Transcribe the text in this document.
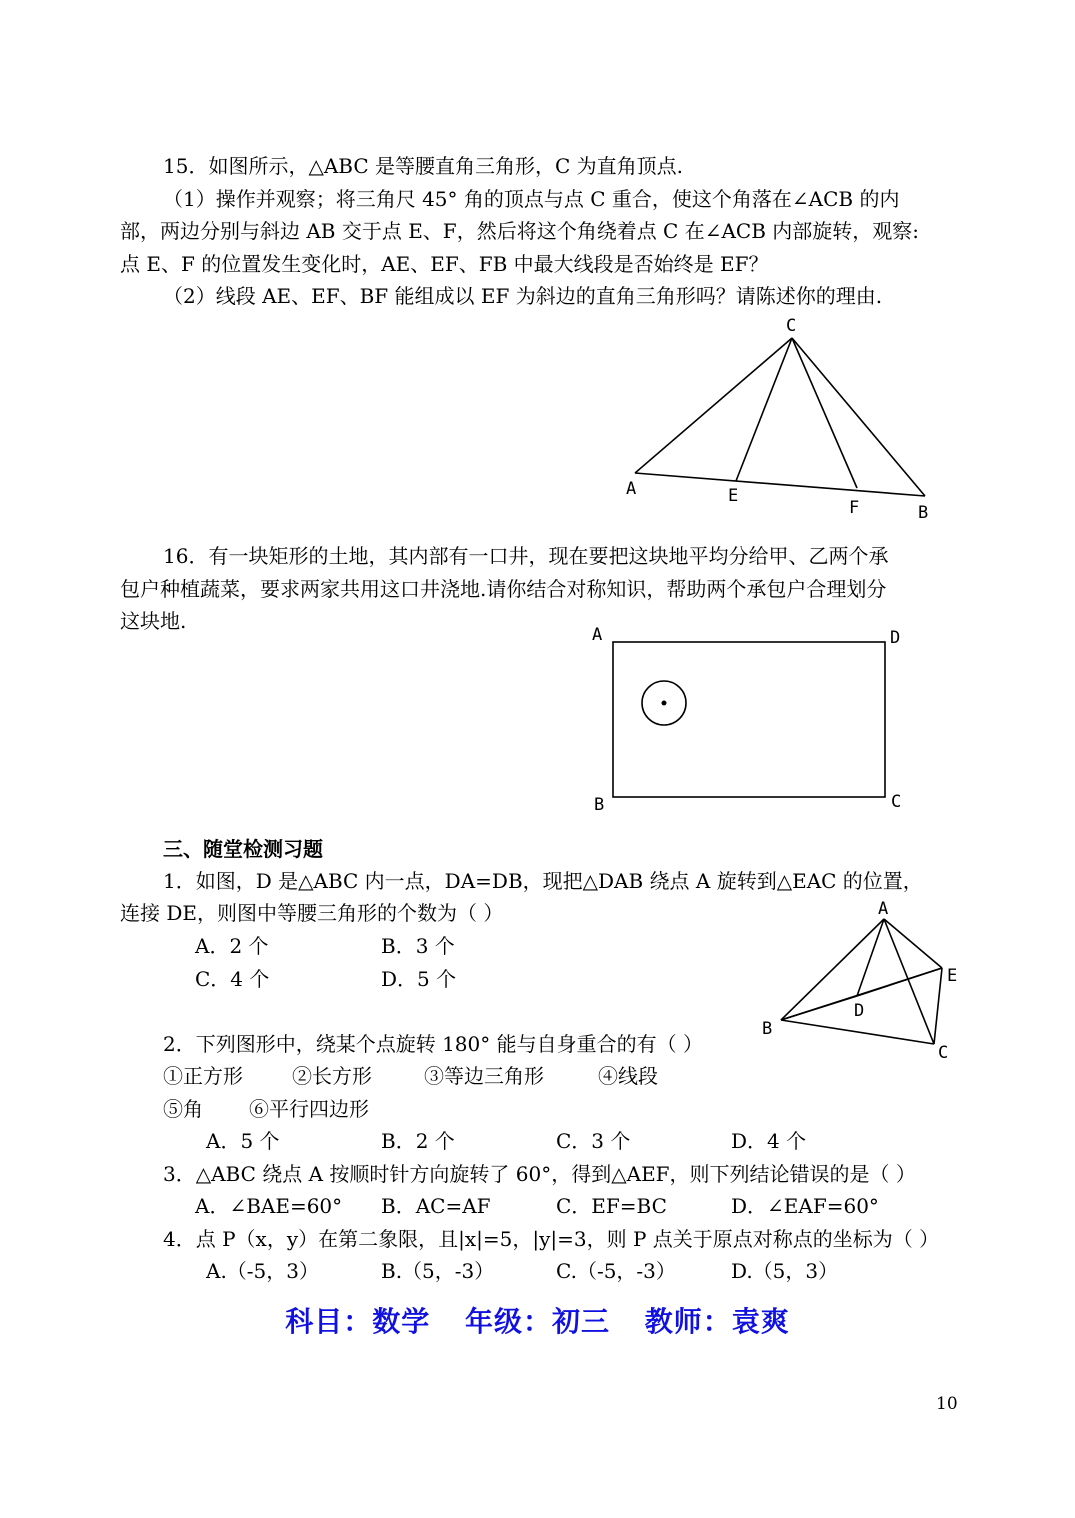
15．如图所示，△ABC 是等腰直角三角形，C 为直角顶点.
（1）操作并观察；将三角尺 45° 角的顶点与点 C 重合，使这个角落在∠ACB 的内
部，两边分别与斜边 AB 交于点 E、F，然后将这个角绕着点 C 在∠ACB 内部旋转，观察:
点 E、F 的位置发生变化时，AE、EF、FB 中最大线段是否始终是 EF？
（2）线段 AE、EF、BF 能组成以 EF 为斜边的直角三角形吗？请陈述你的理由.
C
A	E
F	B
16．有一块矩形的土地，其内部有一口井，现在要把这块地平均分给甲、乙两个承
包户种植蔬菜，要求两家共用这口井浇地.请你结合对称知识，帮助两个承包户合理划分
这块地.
A	D
B	C
三、随堂检测习题
1．如图，D 是△ABC 内一点，DA=DB，现把△DAB 绕点 A 旋转到△EAC 的位置，
连接 DE，则图中等腰三角形的个数为（ ）
A．2 个	B．3 个
C．4 个	D．5 个
A
E
D
B
C
2．下列图形中，绕某个点旋转 180° 能与自身重合的有（ ）
①正方形 ②长方形	③等边三角形	④线段
⑤角 ⑥平行四边形
A．5 个	B．2 个	C．3 个	D．4 个
3．△ABC 绕点 A 按顺时针方向旋转了 60°，得到△AEF，则下列结论错误的是（ ）
A．∠BAE=60° B．AC=AF	C．EF=BC	D．∠EAF=60°
4．点 P（x，y）在第二象限，且|x|=5，|y|=3，则 P 点关于原点对称点的坐标为（ ）
A.（-5，3）	B.（5，-3）	C.（-5，-3）	D.（5，3）
科目：数学 年级：初三 教师：袁爽
10
